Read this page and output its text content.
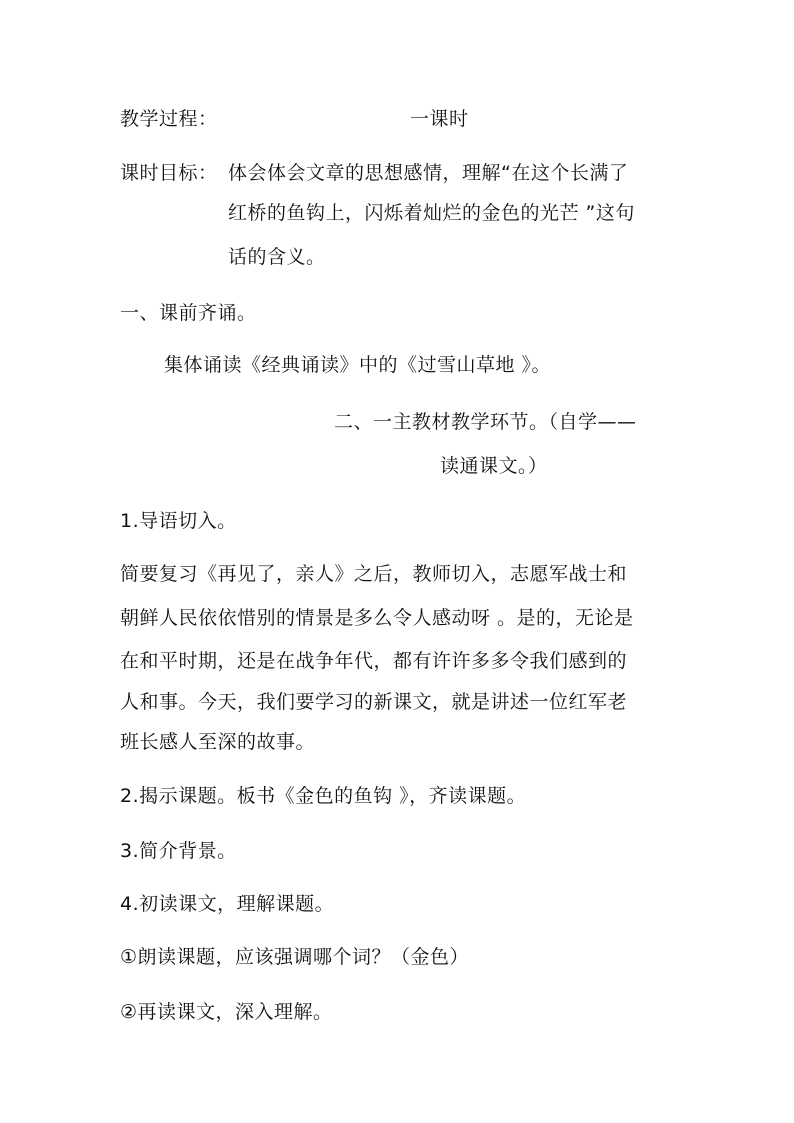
教学过程：	一课时
课时目标： 体会体会文章的思想感情，理解“在这个长满了
红桥的鱼钩上，闪烁着灿烂的金色的光芒 ”这句
话的含义。
一、课前齐诵。
集体诵读《经典诵读》中的《过雪山草地 》。
二、一主教材教学环节。（自学——
读通课文。）
1.导语切入。
简要复习《再见了，亲人》之后，教师切入，志愿军战士和
朝鲜人民依依惜别的情景是多么令人感动呀 。是的，无论是
在和平时期，还是在战争年代，都有许许多多令我们感到的
人和事。今天，我们要学习的新课文，就是讲述一位红军老
班长感人至深的故事。
2.揭示课题。板书《金色的鱼钩 》，齐读课题。
3.简介背景。
4.初读课文，理解课题。
①朗读课题，应该强调哪个词？（金色）
②再读课文，深入理解。
